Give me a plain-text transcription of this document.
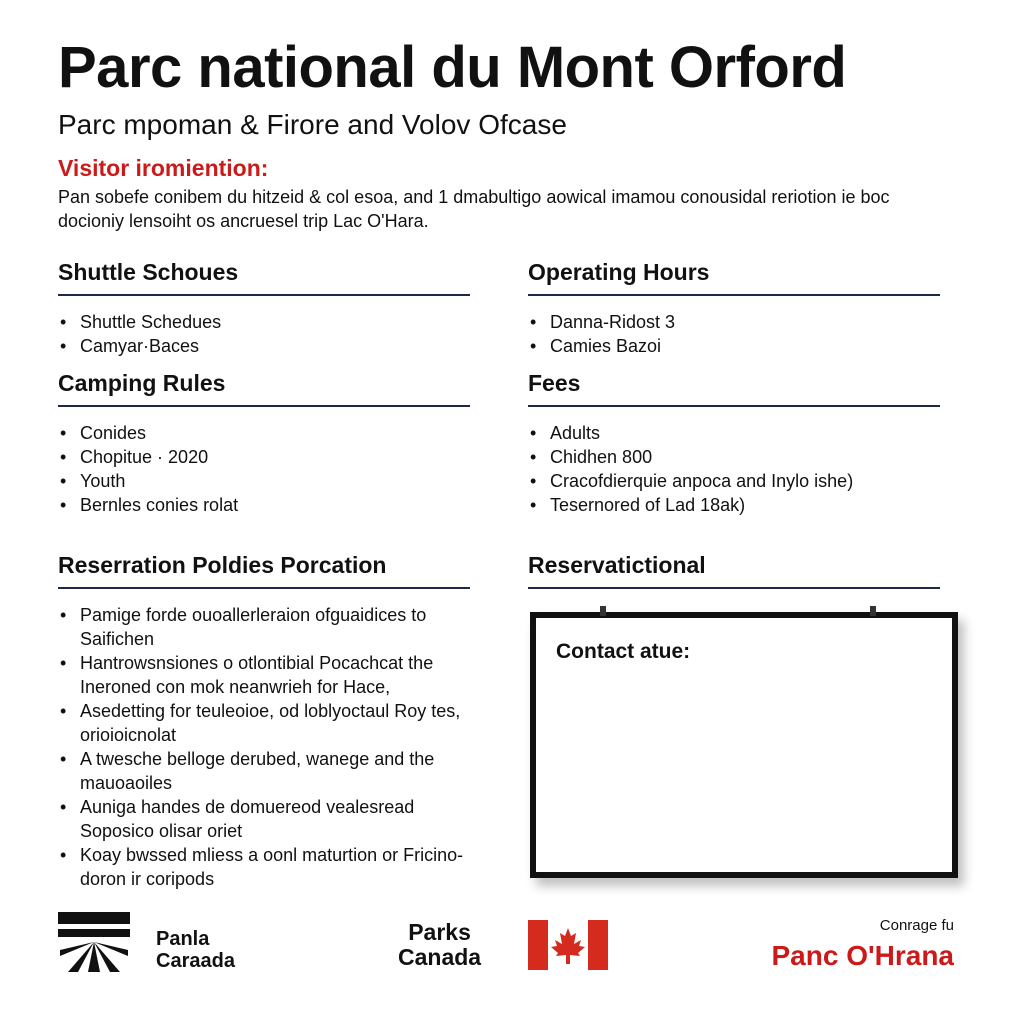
Parc national du Mont Orford
Parc mpoman & Firore and Volov Ofcase
Visitor iromiention:
Pan sobefe conibem du hitzeid & col esoa, and 1 dmabultigo aowical imamou conousidal reriotion ie boc docioniy lensoiht os ancruesel trip Lac O'Hara.
Shuttle Schoues
• Shuttle Schedues
• Camyar·Baces
Operating Hours
• Danna-Ridost 3
• Camies Bazoi
Camping Rules
• Conides
• Chopitue · 2020
• Youth
• Bernles conies rolat
Fees
• Adults
• Chidhen 800
• Cracofdierquie anpoca and Inylo ishe)
• Tesernored of Lad 18ak)
Reserration Poldies Porcation
• Pamige forde ouoallerleraion ofguaidices to Saifichen
• Hantrowsnsiones o otlontibial Pocachcat the Ineroned con mok neanwrieh for Hace,
• Asedetting for teuleoioe, od loblyoctaul Roy tes, orioioicnolat
• A twesche belloge derubed, wanege and the mauoaoiles
• Auniga handes de domuereod vealesread Soposico olisar oriet
• Koay bwssed mliess a oonl maturtion or Fricino-doron ir coripods
Reservatictional
Contact atue:
Panla
Caraada
Parks
Canada
Conrage fu
Panc O'Hrana
